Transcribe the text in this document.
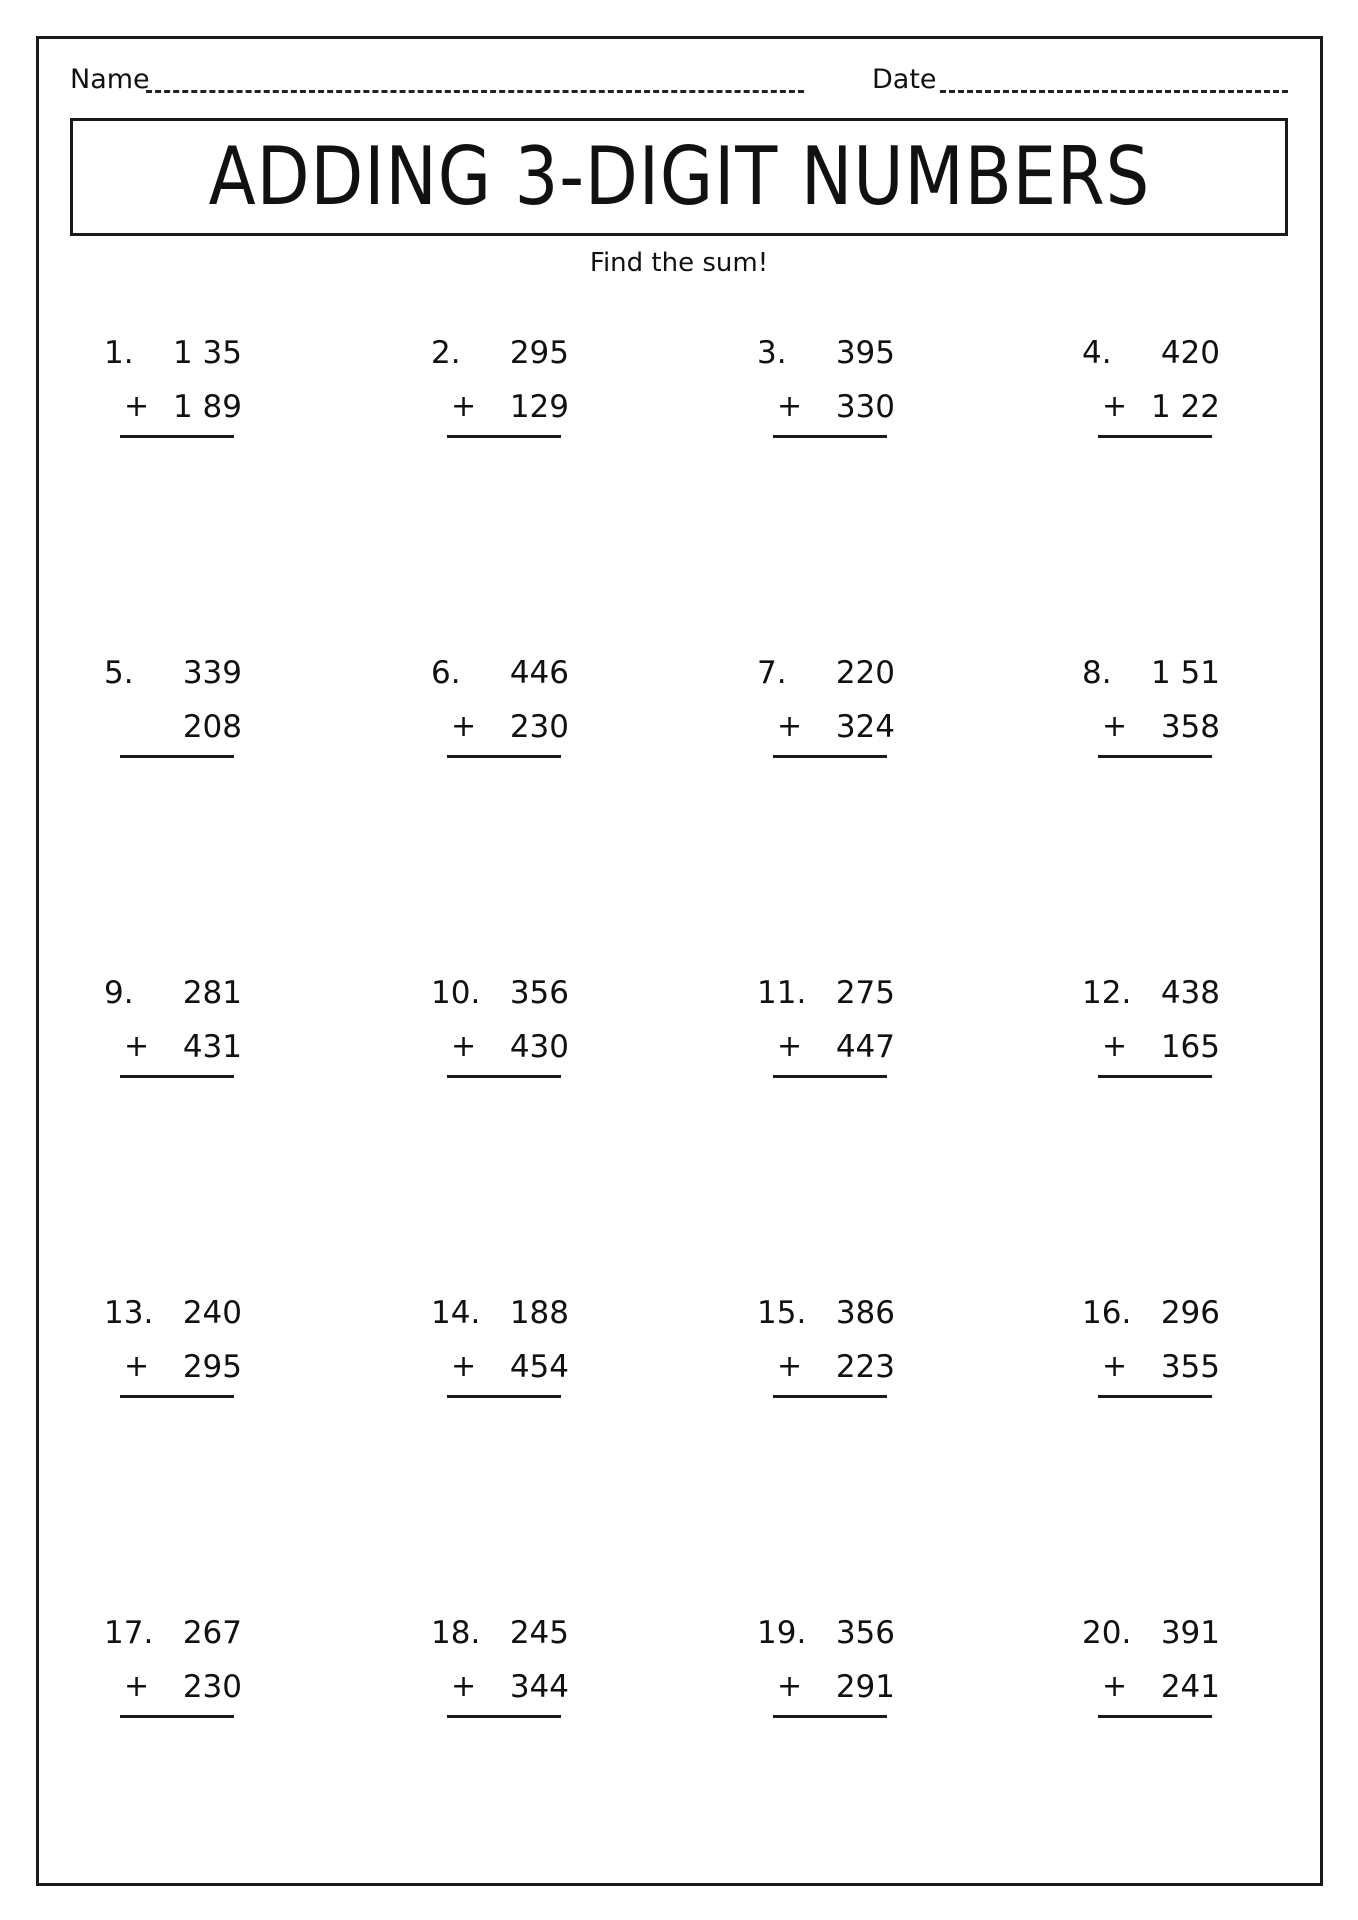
Name	Date
ADDING 3-DIGIT NUMBERS
Find the sum!
1. 1 35
+ 1 89
2.	295
+	129
3.	395
+	330
4.	420
+ 1 22
5.	339
208
6.	446
+	230
7.	220
+	324
8. 1 51
+	358
9.	281
+	431
10. 356
+	430
11. 275
+	447
12. 438
+	165
13. 240
+	295
14. 188
+	454
15. 386
+	223
16. 296
+	355
17. 267
+	230
18. 245
+	344
19. 356
+	291
20. 391
+	241
